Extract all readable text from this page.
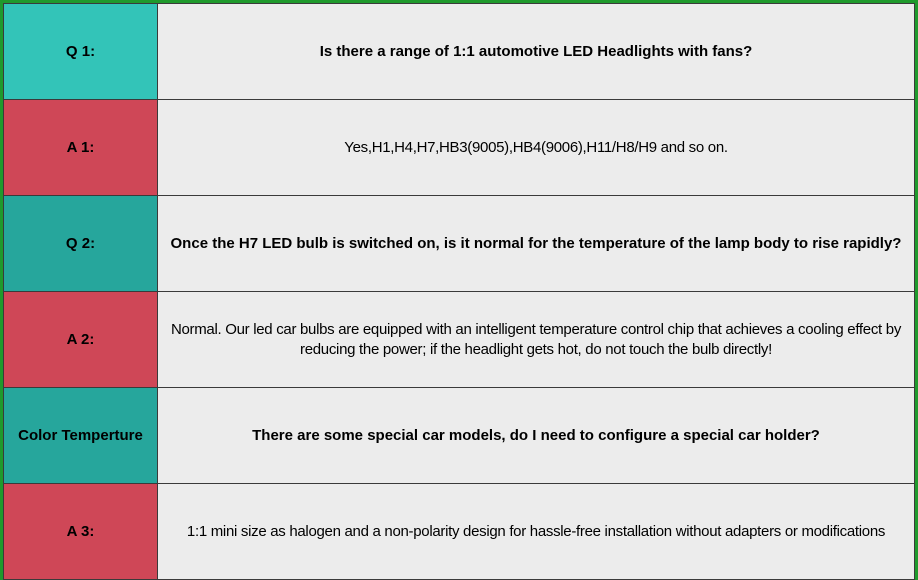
Q 1:	Is there a range of 1:1 automotive LED Headlights with fans?
A 1:	Yes,H1,H4,H7,HB3(9005),HB4(9006),H11/H8/H9 and so on.
Q 2:	Once the H7 LED bulb is switched on, is it normal for the temperature of the lamp body to rise rapidly?
A 2:	Normal. Our led car bulbs are equipped with an intelligent temperature control chip that achieves a cooling effect by reducing the power; if the headlight gets hot, do not touch the bulb directly!
Color Temperture	There are some special car models, do I need to configure a special car holder?
A 3:	1:1 mini size as halogen and a non-polarity design for hassle-free installation without adapters or modifications
